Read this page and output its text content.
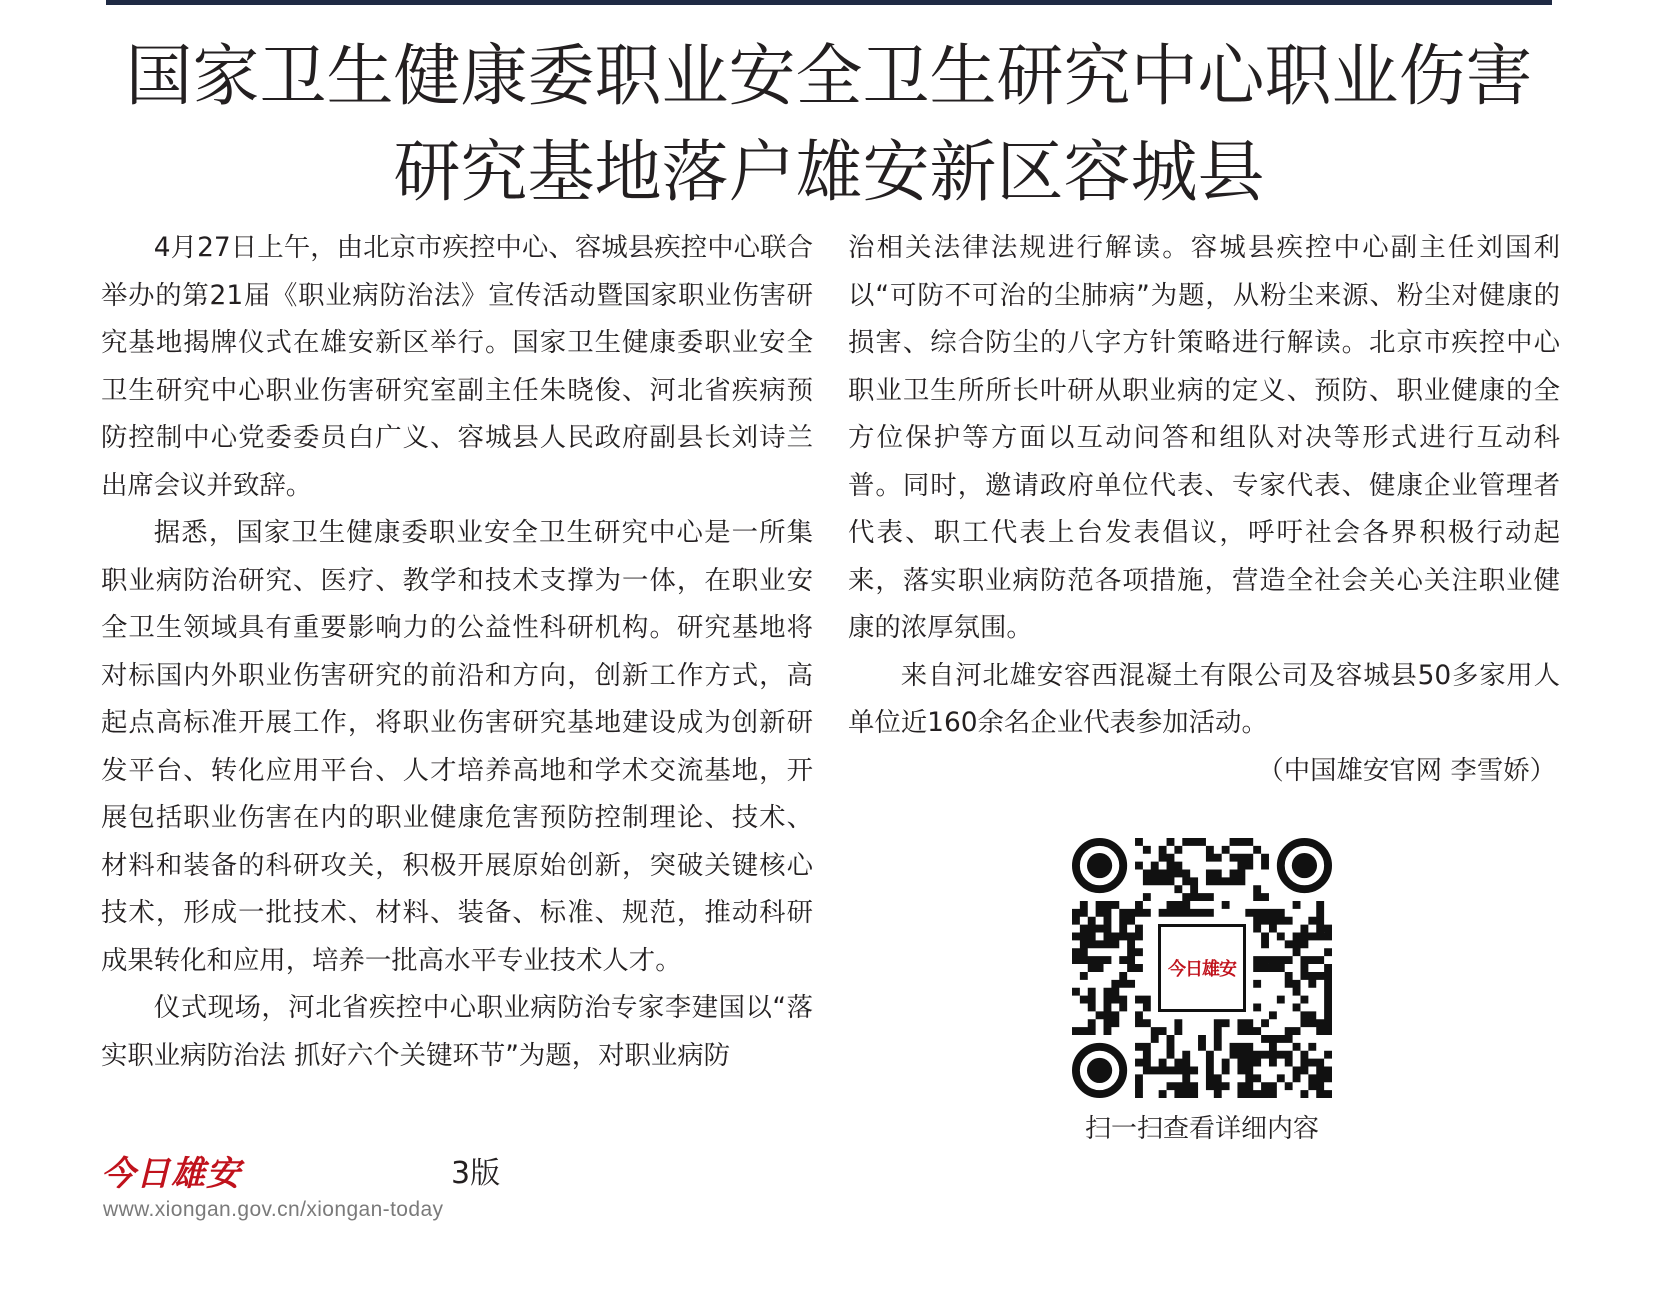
国家卫生健康委职业安全卫生研究中心职业伤害
研究基地落户雄安新区容城县

4月27日上午，由北京市疾控中心、容城县疾控中心联合举办的第21届《职业病防治法》宣传活动暨国家职业伤害研究基地揭牌仪式在雄安新区举行。国家卫生健康委职业安全卫生研究中心职业伤害研究室副主任朱晓俊、河北省疾病预防控制中心党委委员白广义、容城县人民政府副县长刘诗兰出席会议并致辞。

据悉，国家卫生健康委职业安全卫生研究中心是一所集职业病防治研究、医疗、教学和技术支撑为一体，在职业安全卫生领域具有重要影响力的公益性科研机构。研究基地将对标国内外职业伤害研究的前沿和方向，创新工作方式，高起点高标准开展工作，将职业伤害研究基地建设成为创新研发平台、转化应用平台、人才培养高地和学术交流基地，开展包括职业伤害在内的职业健康危害预防控制理论、技术、材料和装备的科研攻关，积极开展原始创新，突破关键核心技术，形成一批技术、材料、装备、标准、规范，推动科研成果转化和应用，培养一批高水平专业技术人才。

仪式现场，河北省疾控中心职业病防治专家李建国以“落实职业病防治法 抓好六个关键环节”为题，对职业病防

治相关法律法规进行解读。容城县疾控中心副主任刘国利以“可防不可治的尘肺病”为题，从粉尘来源、粉尘对健康的损害、综合防尘的八字方针策略进行解读。北京市疾控中心职业卫生所所长叶研从职业病的定义、预防、职业健康的全方位保护等方面以互动问答和组队对决等形式进行互动科普。同时，邀请政府单位代表、专家代表、健康企业管理者代表、职工代表上台发表倡议，呼吁社会各界积极行动起来，落实职业病防范各项措施，营造全社会关心关注职业健康的浓厚氛围。

来自河北雄安容西混凝土有限公司及容城县50多家用人单位近160余名企业代表参加活动。

（中国雄安官网 李雪娇）

今日雄安
扫一扫查看详细内容
今日雄安	3版
www.xiongan.gov.cn/xiongan-today
